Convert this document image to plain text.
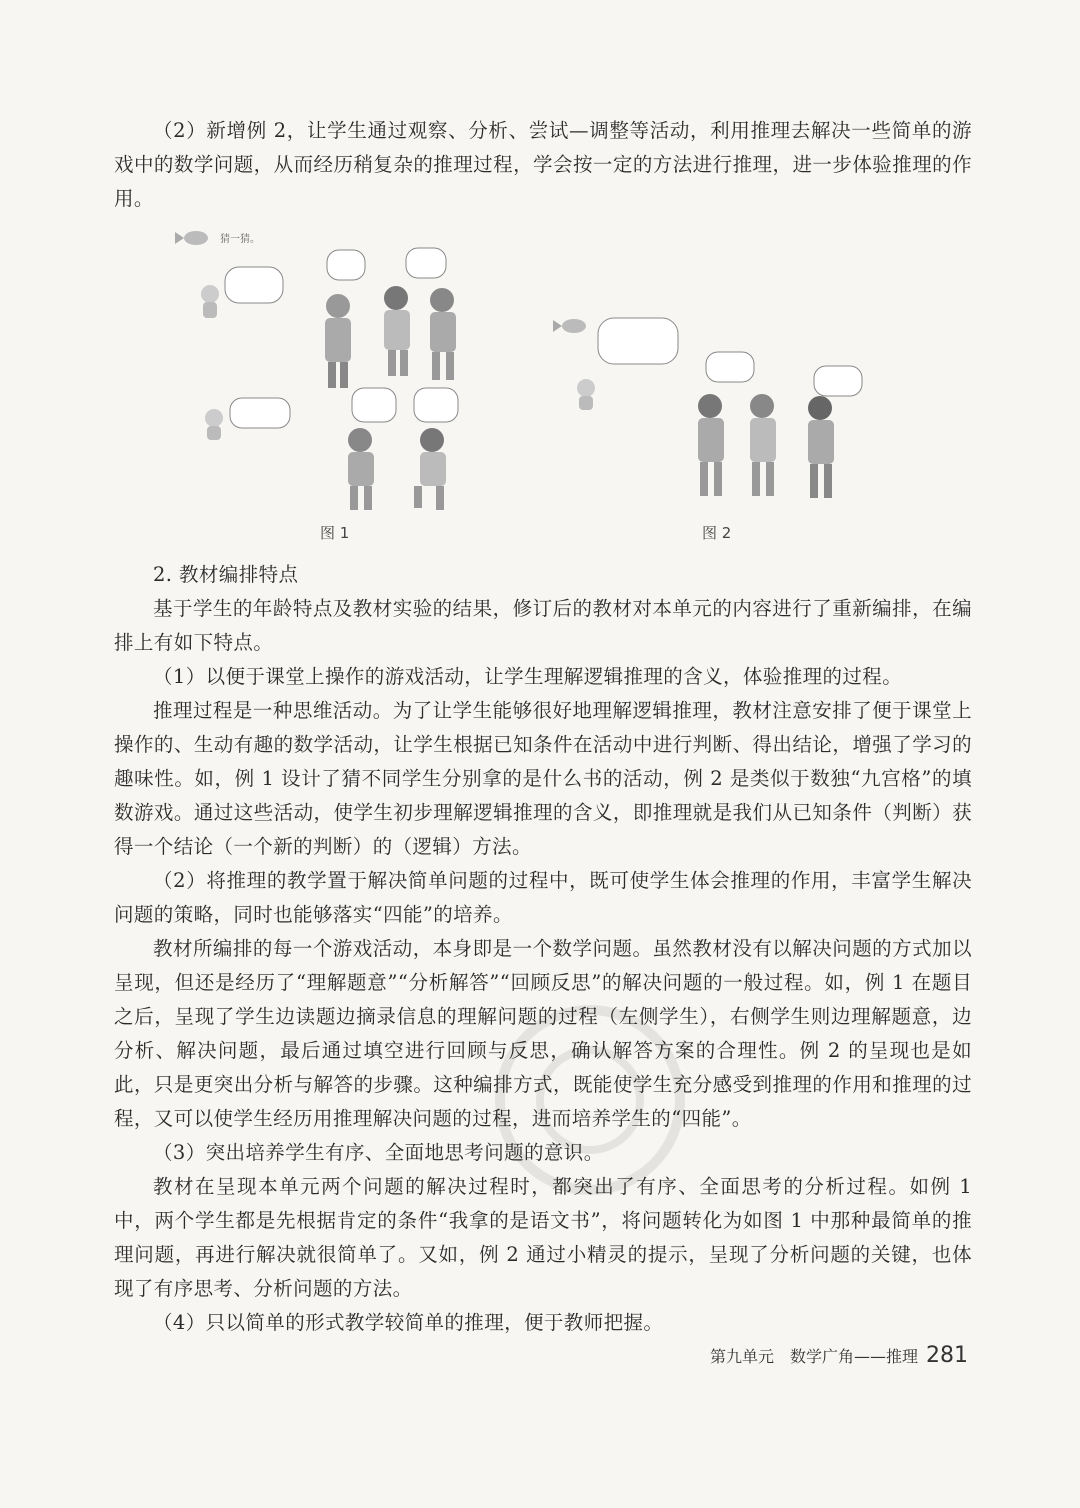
（2）新增例 2，让学生通过观察、分析、尝试—调整等活动，利用推理去解决一些简单的游戏中的数学问题，从而经历稍复杂的推理过程，学会按一定的方法进行推理，进一步体验推理的作用。

猜一猜。
图 1	图 2

2. 教材编排特点

基于学生的年龄特点及教材实验的结果，修订后的教材对本单元的内容进行了重新编排，在编排上有如下特点。

（1）以便于课堂上操作的游戏活动，让学生理解逻辑推理的含义，体验推理的过程。

推理过程是一种思维活动。为了让学生能够很好地理解逻辑推理，教材注意安排了便于课堂上操作的、生动有趣的数学活动，让学生根据已知条件在活动中进行判断、得出结论，增强了学习的趣味性。如，例 1 设计了猜不同学生分别拿的是什么书的活动，例 2 是类似于数独“九宫格”的填数游戏。通过这些活动，使学生初步理解逻辑推理的含义，即推理就是我们从已知条件（判断）获得一个结论（一个新的判断）的（逻辑）方法。

（2）将推理的教学置于解决简单问题的过程中，既可使学生体会推理的作用，丰富学生解决问题的策略，同时也能够落实“四能”的培养。

教材所编排的每一个游戏活动，本身即是一个数学问题。虽然教材没有以解决问题的方式加以呈现，但还是经历了“理解题意”“分析解答”“回顾反思”的解决问题的一般过程。如，例 1 在题目之后，呈现了学生边读题边摘录信息的理解问题的过程（左侧学生），右侧学生则边理解题意，边分析、解决问题，最后通过填空进行回顾与反思，确认解答方案的合理性。例 2 的呈现也是如此，只是更突出分析与解答的步骤。这种编排方式，既能使学生充分感受到推理的作用和推理的过程，又可以使学生经历用推理解决问题的过程，进而培养学生的“四能”。

（3）突出培养学生有序、全面地思考问题的意识。

教材在呈现本单元两个问题的解决过程时，都突出了有序、全面思考的分析过程。如例 1 中，两个学生都是先根据肯定的条件“我拿的是语文书”，将问题转化为如图 1 中那种最简单的推理问题，再进行解决就很简单了。又如，例 2 通过小精灵的提示，呈现了分析问题的关键，也体现了有序思考、分析问题的方法。

（4）只以简单的形式教学较简单的推理，便于教师把握。

第九单元　数学广角——推理 281
